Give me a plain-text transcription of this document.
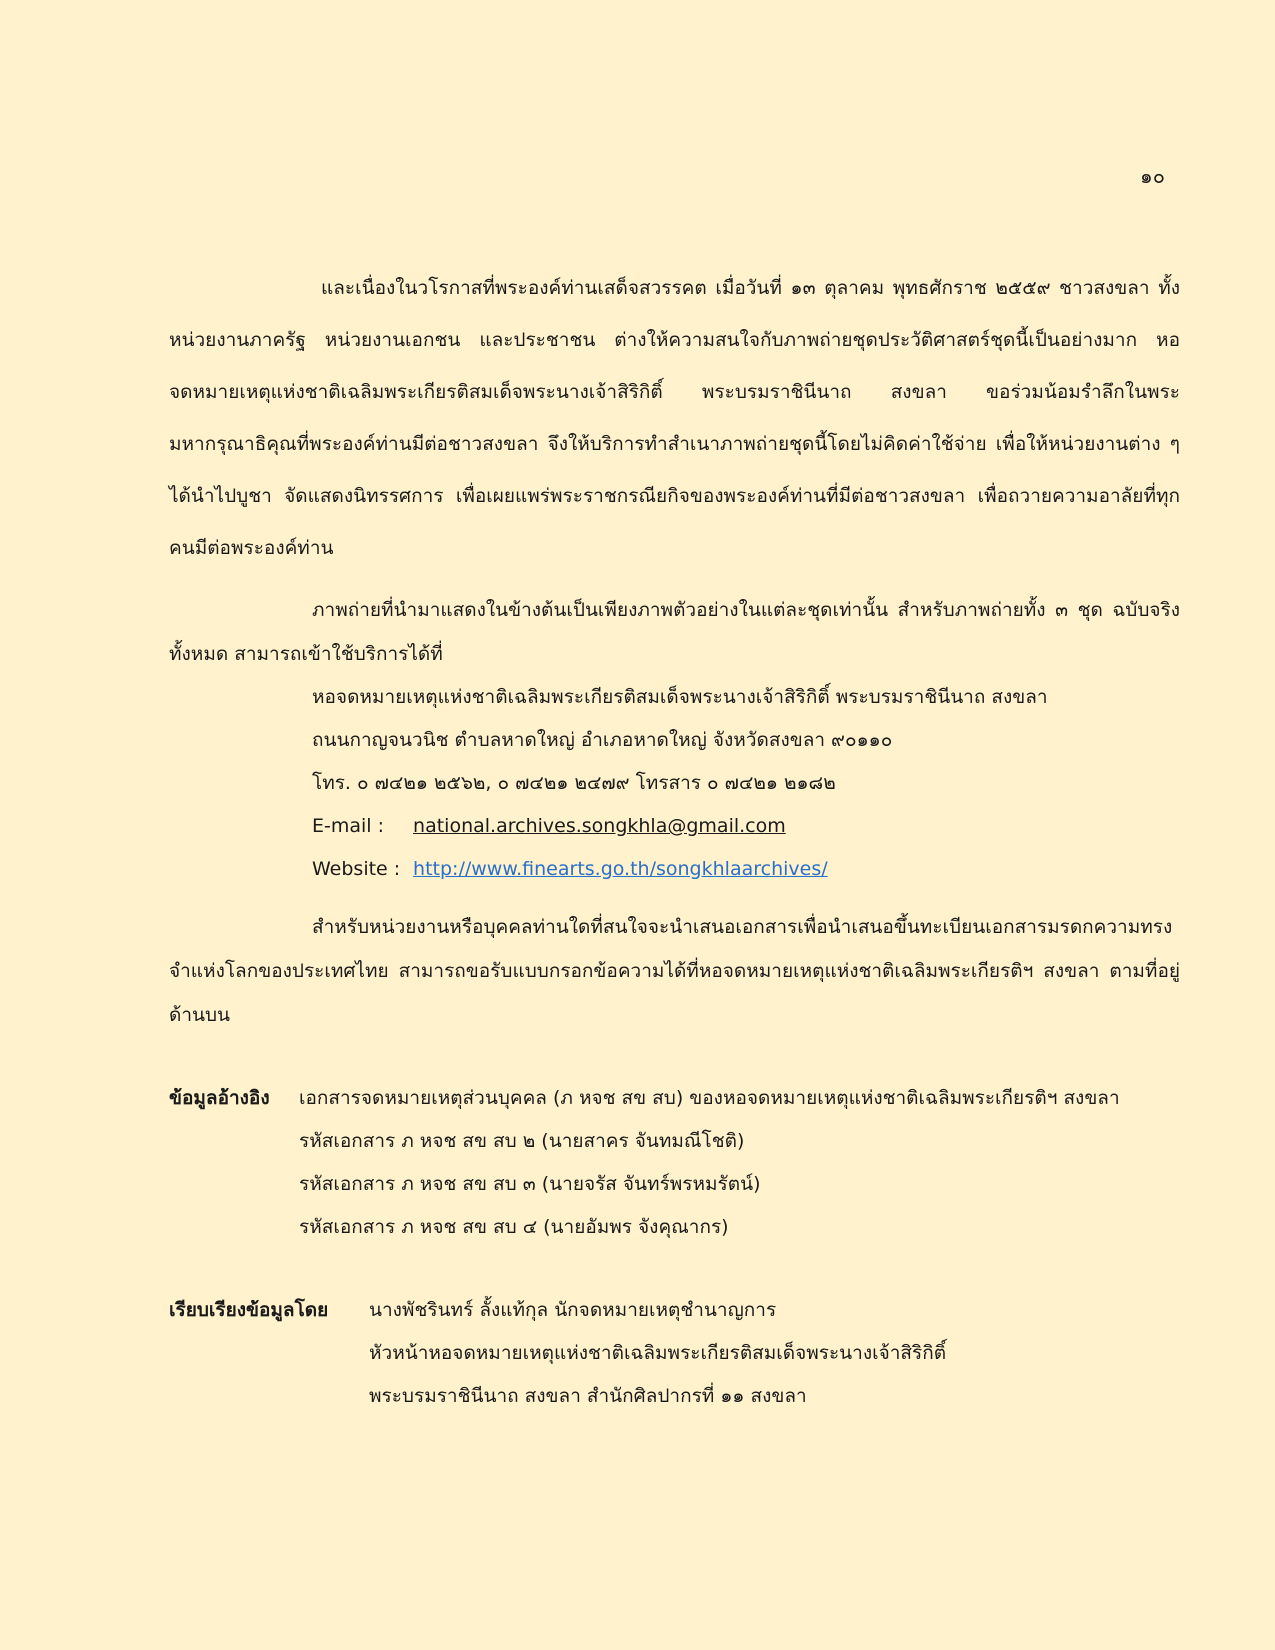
๑๐

และเนื่องในวโรกาสที่พระองค์ท่านเสด็จสวรรคต เมื่อวันที่ ๑๓ ตุลาคม พุทธศักราช ๒๕๕๙ ชาวสงขลา ทั้งหน่วยงานภาครัฐ หน่วยงานเอกชน และประชาชน ต่างให้ความสนใจกับภาพถ่ายชุดประวัติศาสตร์ชุดนี้เป็นอย่างมาก หอจดหมายเหตุแห่งชาติเฉลิมพระเกียรติสมเด็จพระนางเจ้าสิริกิติ์ พระบรมราชินีนาถ สงขลา ขอร่วมน้อมรำลึกในพระมหากรุณาธิคุณที่พระองค์ท่านมีต่อชาวสงขลา จึงให้บริการทำสำเนาภาพถ่ายชุดนี้โดยไม่คิดค่าใช้จ่าย เพื่อให้หน่วยงานต่าง ๆ ได้นำไปบูชา จัดแสดงนิทรรศการ เพื่อเผยแพร่พระราชกรณียกิจของพระองค์ท่านที่มีต่อชาวสงขลา เพื่อถวายความอาลัยที่ทุกคนมีต่อพระองค์ท่าน

ภาพถ่ายที่นำมาแสดงในข้างต้นเป็นเพียงภาพตัวอย่างในแต่ละชุดเท่านั้น สำหรับภาพถ่ายทั้ง ๓ ชุด ฉบับจริงทั้งหมด สามารถเข้าใช้บริการได้ที่

หอจดหมายเหตุแห่งชาติเฉลิมพระเกียรติสมเด็จพระนางเจ้าสิริกิติ์ พระบรมราชินีนาถ สงขลา
ถนนกาญจนวนิช ตำบลหาดใหญ่ อำเภอหาดใหญ่ จังหวัดสงขลา ๙๐๑๑๐
โทร. ๐ ๗๔๒๑ ๒๕๖๒, ๐ ๗๔๒๑ ๒๔๗๙ โทรสาร ๐ ๗๔๒๑ ๒๑๘๒
E-mail : national.archives.songkhla@gmail.com
Website : http://www.finearts.go.th/songkhlaarchives/

สำหรับหน่วยงานหรือบุคคลท่านใดที่สนใจจะนำเสนอเอกสารเพื่อนำเสนอขึ้นทะเบียนเอกสารมรดกความทรงจำแห่งโลกของประเทศไทย สามารถขอรับแบบกรอกข้อความได้ที่หอจดหมายเหตุแห่งชาติเฉลิมพระเกียรติฯ สงขลา ตามที่อยู่ด้านบน

ข้อมูลอ้างอิง เอกสารจดหมายเหตุส่วนบุคคล (ภ หจช สข สบ) ของหอจดหมายเหตุแห่งชาติเฉลิมพระเกียรติฯ สงขลา
รหัสเอกสาร ภ หจช สข สบ ๒ (นายสาคร จันทมณีโชติ)
รหัสเอกสาร ภ หจช สข สบ ๓ (นายจรัส จันทร์พรหมรัตน์)
รหัสเอกสาร ภ หจช สข สบ ๔ (นายอัมพร จังคุณากร)
เรียบเรียงข้อมูลโดย นางพัชรินทร์ ลั้งแท้กุล นักจดหมายเหตุชำนาญการ
หัวหน้าหอจดหมายเหตุแห่งชาติเฉลิมพระเกียรติสมเด็จพระนางเจ้าสิริกิติ์
พระบรมราชินีนาถ สงขลา สำนักศิลปากรที่ ๑๑ สงขลา
